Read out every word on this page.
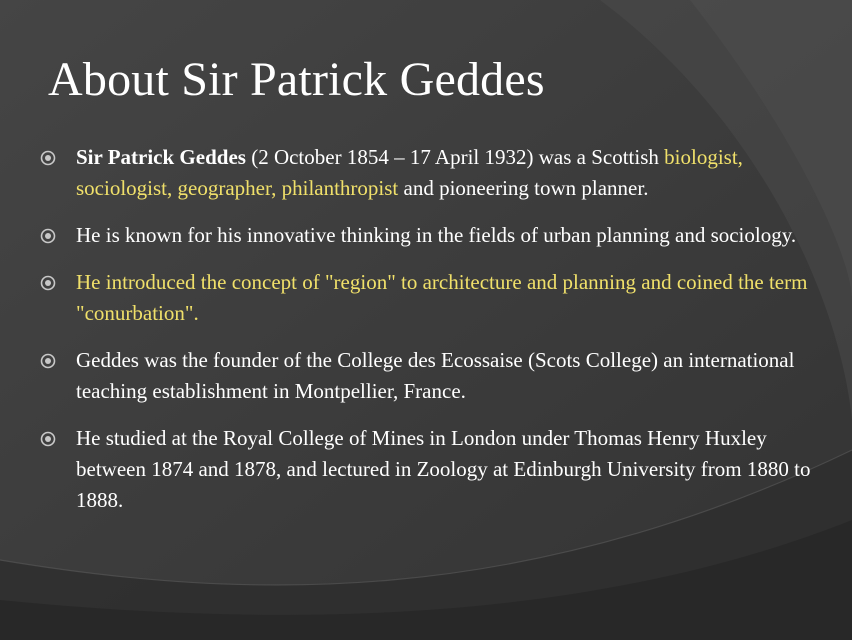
About Sir Patrick Geddes
Sir Patrick Geddes (2 October 1854 – 17 April 1932) was a Scottish biologist, sociologist, geographer, philanthropist and pioneering town planner.
He is known for his innovative thinking in the fields of urban planning and sociology.
He introduced the concept of "region" to architecture and planning and coined the term "conurbation".
Geddes was the founder of the College des Ecossaise (Scots College) an international teaching establishment in Montpellier, France.
He studied at the Royal College of Mines in London under Thomas Henry Huxley between 1874 and 1878, and lectured in Zoology at Edinburgh University from 1880 to 1888.
